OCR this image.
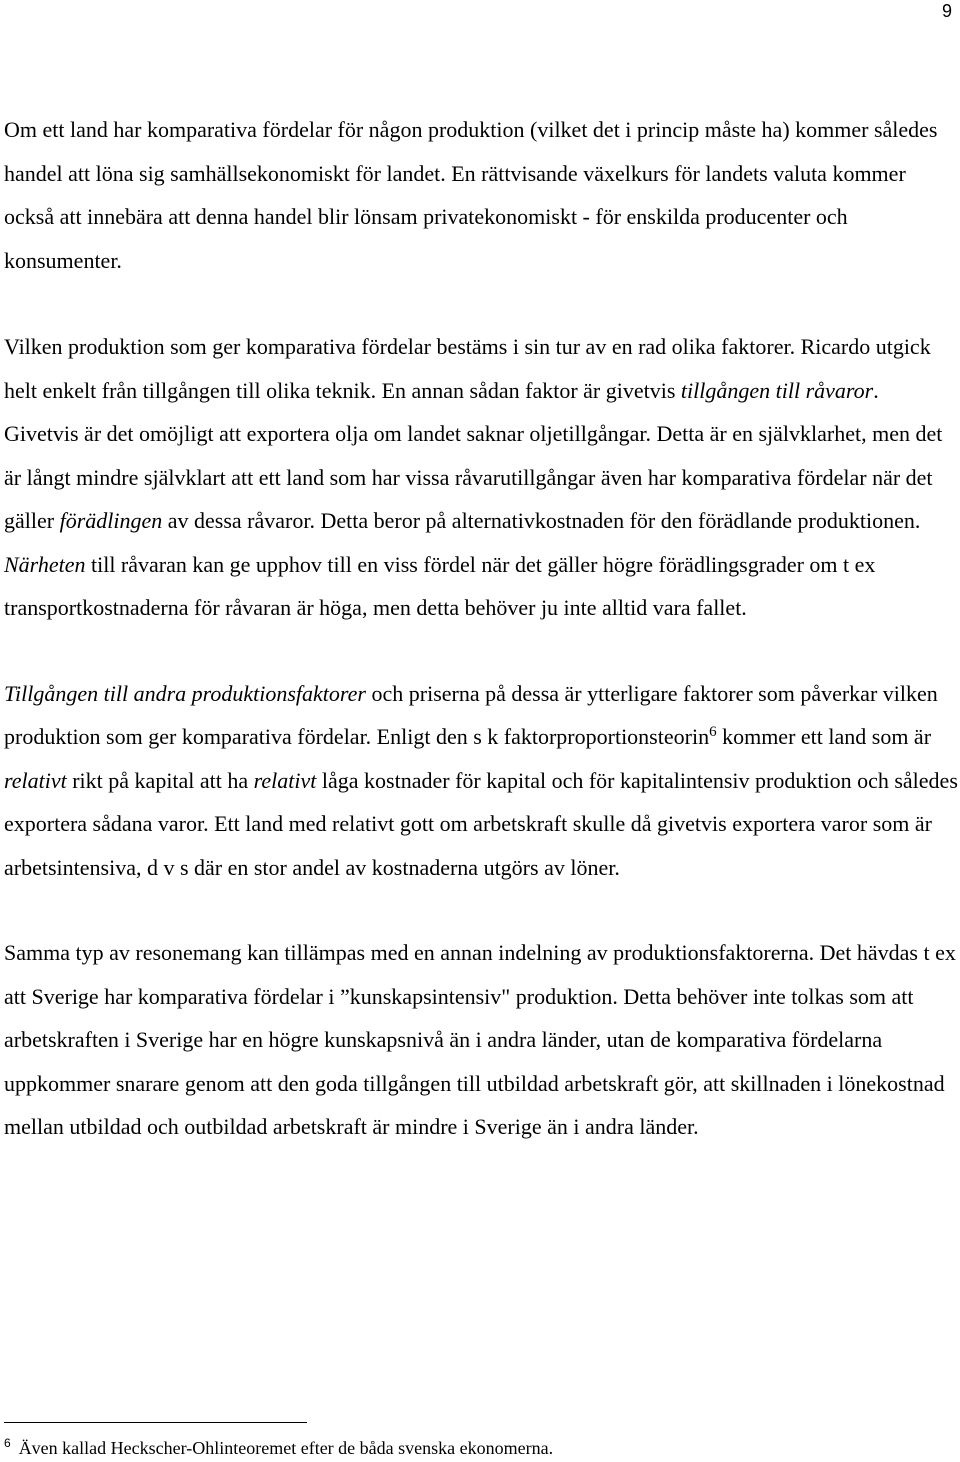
9

Om ett land har komparativa fördelar för någon produktion (vilket det i princip måste ha) kommer således handel att löna sig samhällsekonomiskt för landet. En rättvisande växelkurs för landets valuta kommer också att innebära att denna handel blir lönsam privatekonomiskt - för enskilda producenter och konsumenter.

Vilken produktion som ger komparativa fördelar bestäms i sin tur av en rad olika faktorer. Ricardo utgick helt enkelt från tillgången till olika teknik. En annan sådan faktor är givetvis tillgången till råvaror. Givetvis är det omöjligt att exportera olja om landet saknar oljetillgångar. Detta är en självklarhet, men det är långt mindre självklart att ett land som har vissa råvarutillgångar även har komparativa fördelar när det gäller förädlingen av dessa råvaror. Detta beror på alternativkostnaden för den förädlande produktionen. Närheten till råvaran kan ge upphov till en viss fördel när det gäller högre förädlingsgrader om t ex transportkostnaderna för råvaran är höga, men detta behöver ju inte alltid vara fallet.

Tillgången till andra produktionsfaktorer och priserna på dessa är ytterligare faktorer som påverkar vilken produktion som ger komparativa fördelar. Enligt den s k faktorproportionsteorin$^6$ kommer ett land som är relativt rikt på kapital att ha relativt låga kostnader för kapital och för kapitalintensiv produktion och således exportera sådana varor. Ett land med relativt gott om arbetskraft skulle då givetvis exportera varor som är arbetsintensiva, d v s där en stor andel av kostnaderna utgörs av löner.

Samma typ av resonemang kan tillämpas med en annan indelning av produktionsfaktorerna. Det hävdas t ex att Sverige har komparativa fördelar i ”kunskapsintensiv" produktion. Detta behöver inte tolkas som att arbetskraften i Sverige har en högre kunskapsnivå än i andra länder, utan de komparativa fördelarna uppkommer snarare genom att den goda tillgången till utbildad arbetskraft gör, att skillnaden i lönekostnad mellan utbildad och outbildad arbetskraft är mindre i Sverige än i andra länder.

$^6$ Även kallad Heckscher-Ohlinteoremet efter de båda svenska ekonomerna.
